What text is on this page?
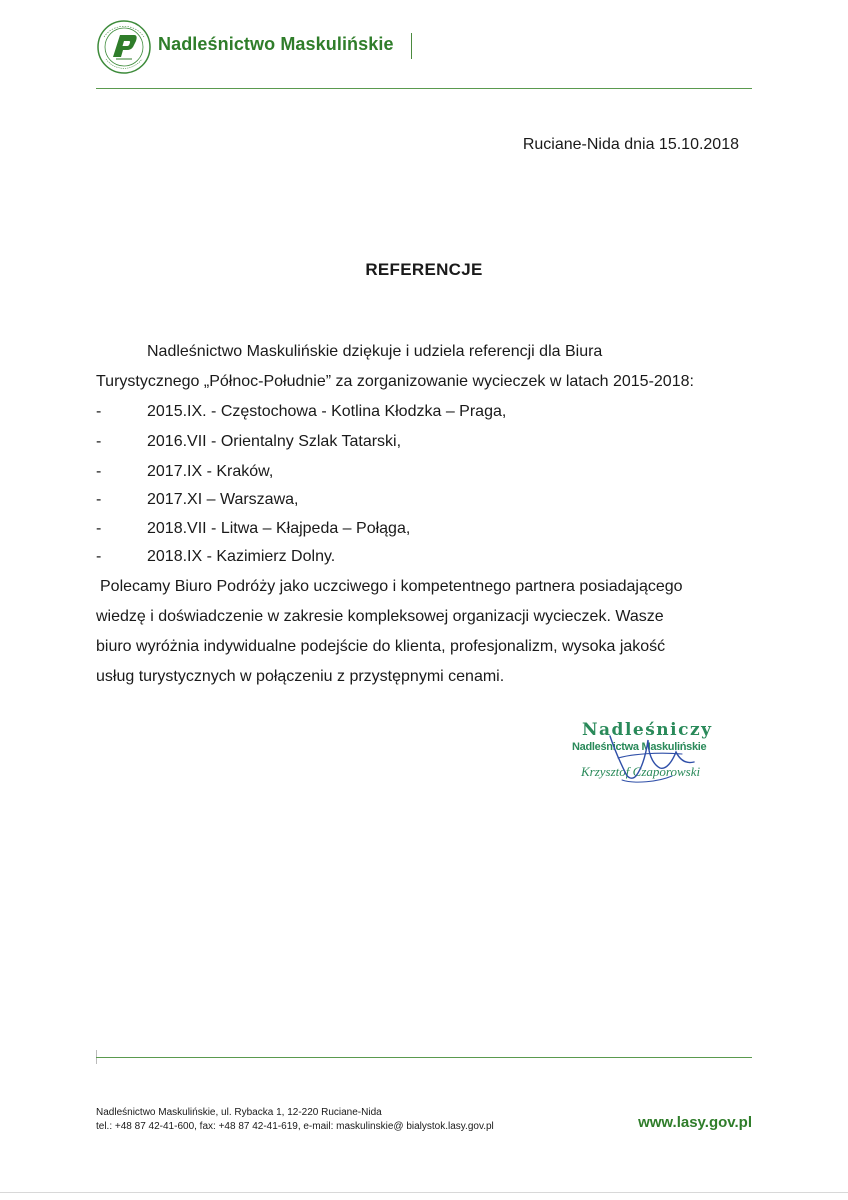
Nadleśnictwo Maskulińskie
Ruciane-Nida dnia 15.10.2018
REFERENCJE
Nadleśnictwo Maskulińskie dziękuje i udziela referencji dla Biura
Turystycznego „Północ-Południe” za zorganizowanie wycieczek w latach 2015-2018:
-	2015.IX. - Częstochowa - Kotlina Kłodzka – Praga,
-	2016.VII - Orientalny Szlak Tatarski,
-	2017.IX - Kraków,
-	2017.XI – Warszawa,
-	2018.VII - Litwa – Kłajpeda – Połąga,
-	2018.IX - Kazimierz Dolny.
Polecamy Biuro Podróży jako uczciwego i kompetentnego partnera posiadającego
wiedzę i doświadczenie w zakresie kompleksowej organizacji wycieczek. Wasze
biuro wyróżnia indywidualne podejście do klienta, profesjonalizm, wysoka jakość
usług turystycznych w połączeniu z przystępnymi cenami.
Nadleśniczy
Nadleśnictwa Maskulińskie
Krzysztof Czaporowski
Nadleśnictwo Maskulińskie, ul. Rybacka 1, 12-220 Ruciane-Nida
tel.: +48 87 42-41-600, fax: +48 87 42-41-619, e-mail: maskulinskie@ bialystok.lasy.gov.pl	www.lasy.gov.pl
